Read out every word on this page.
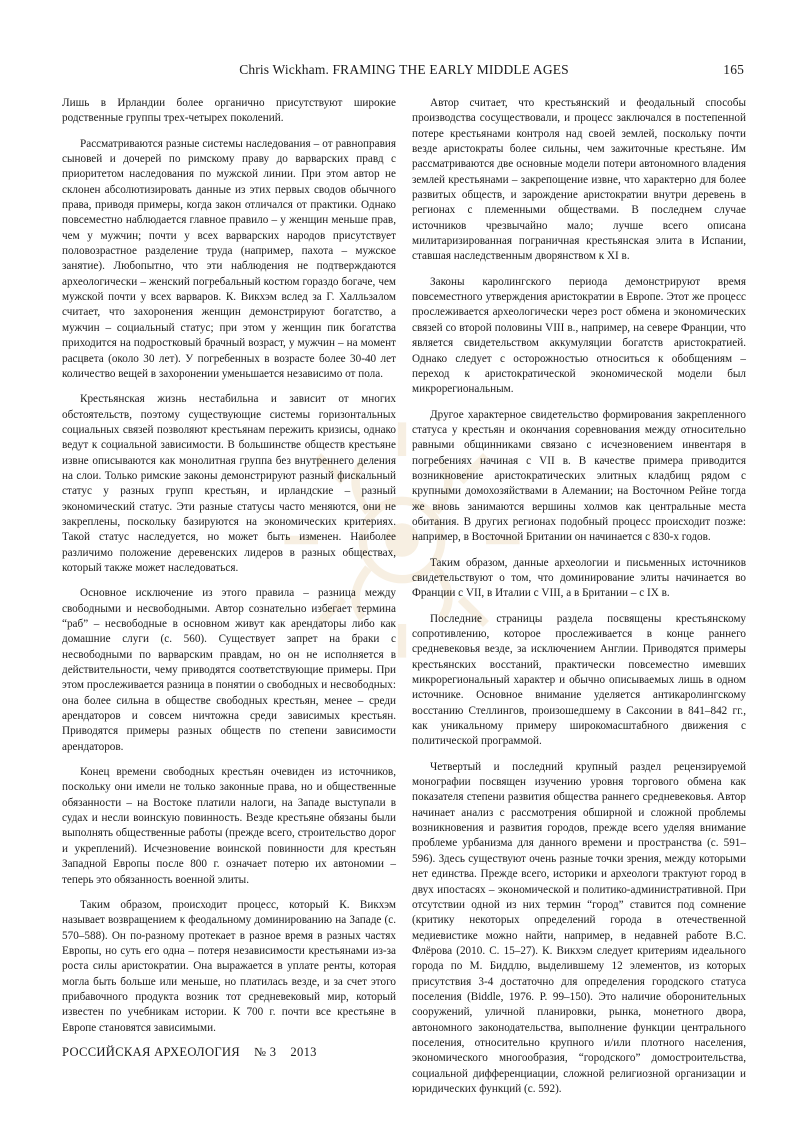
Chris Wickham. FRAMING THE EARLY MIDDLE AGES	165

Лишь в Ирландии более органично присутствуют широкие родственные группы трех-четырех поколений.

Рассматриваются разные системы наследования – от равноправия сыновей и дочерей по римскому праву до варварских правд с приоритетом наследования по мужской линии. При этом автор не склонен абсолютизировать данные из этих первых сводов обычного права, приводя примеры, когда закон отличался от практики. Однако повсеместно наблюдается главное правило – у женщин меньше прав, чем у мужчин; почти у всех варварских народов присутствует половозрастное разделение труда (например, пахота – мужское занятие). Любопытно, что эти наблюдения не подтверждаются археологически – женский погребальный костюм гораздо богаче, чем мужской почти у всех варваров. К. Викхэм вслед за Г. Халльзалом считает, что захоронения женщин демонстрируют богатство, а мужчин – социальный статус; при этом у женщин пик богатства приходится на подростковый брачный возраст, у мужчин – на момент расцвета (около 30 лет). У погребенных в возрасте более 30-40 лет количество вещей в захоронении уменьшается независимо от пола.

Крестьянская жизнь нестабильна и зависит от многих обстоятельств, поэтому существующие системы горизонтальных социальных связей позволяют крестьянам пережить кризисы, однако ведут к социальной зависимости. В большинстве обществ крестьяне извне описываются как монолитная группа без внутреннего деления на слои. Только римские законы демонстрируют разный фискальный статус у разных групп крестьян, и ирландские – разный экономический статус. Эти разные статусы часто меняются, они не закреплены, поскольку базируются на экономических критериях. Такой статус наследуется, но может быть изменен. Наиболее различимо положение деревенских лидеров в разных обществах, который также может наследоваться.

Основное исключение из этого правила – разница между свободными и несвободными. Автор сознательно избегает термина “раб” – несвободные в основном живут как арендаторы либо как домашние слуги (с. 560). Существует запрет на браки с несвободными по варварским правдам, но он не исполняется в действительности, чему приводятся соответствующие примеры. При этом прослеживается разница в понятии о свободных и несвободных: она более сильна в обществе свободных крестьян, менее – среди арендаторов и совсем ничтожна среди зависимых крестьян. Приводятся примеры разных обществ по степени зависимости арендаторов.

Конец времени свободных крестьян очевиден из источников, поскольку они имели не только законные права, но и общественные обязанности – на Востоке платили налоги, на Западе выступали в судах и несли воинскую повинность. Везде крестьяне обязаны были выполнять общественные работы (прежде всего, строительство дорог и укреплений). Исчезновение воинской повинности для крестьян Западной Европы после 800 г. означает потерю их автономии – теперь это обязанность военной элиты.

Таким образом, происходит процесс, который К. Викхэм называет возвращением к феодальному доминированию на Западе (с. 570–588). Он по-разному протекает в разное время в разных частях Европы, но суть его одна – потеря независимости крестьянами из-за роста силы аристократии. Она выражается в уплате ренты, которая могла быть больше или меньше, но платилась везде, и за счет этого прибавочного продукта возник тот средневековый мир, который известен по учебникам истории. К 700 г. почти все крестьяне в Европе становятся зависимыми.

Автор считает, что крестьянский и феодальный способы производства сосуществовали, и процесс заключался в постепенной потере крестьянами контроля над своей землей, поскольку почти везде аристократы более сильны, чем зажиточные крестьяне. Им рассматриваются две основные модели потери автономного владения землей крестьянами – закрепощение извне, что характерно для более развитых обществ, и зарождение аристократии внутри деревень в регионах с племенными обществами. В последнем случае источников чрезвычайно мало; лучше всего описана милитаризированная пограничная крестьянская элита в Испании, ставшая наследственным дворянством к XI в.

Законы каролингского периода демонстрируют время повсеместного утверждения аристократии в Европе. Этот же процесс прослеживается археологически через рост обмена и экономических связей со второй половины VIII в., например, на севере Франции, что является свидетельством аккумуляции богатств аристократией. Однако следует с осторожностью относиться к обобщениям – переход к аристократической экономической модели был микрорегиональным.

Другое характерное свидетельство формирования закрепленного статуса у крестьян и окончания соревнования между относительно равными общинниками связано с исчезновением инвентаря в погребениях начиная с VII в. В качестве примера приводится возникновение аристократических элитных кладбищ рядом с крупными домохозяйствами в Алемании; на Восточном Рейне тогда же вновь занимаются вершины холмов как центральные места обитания. В других регионах подобный процесс происходит позже: например, в Восточной Британии он начинается с 830-х годов.

Таким образом, данные археологии и письменных источников свидетельствуют о том, что доминирование элиты начинается во Франции с VII, в Италии с VIII, а в Британии – с IX в.

Последние страницы раздела посвящены крестьянскому сопротивлению, которое прослеживается в конце раннего средневековья везде, за исключением Англии. Приводятся примеры крестьянских восстаний, практически повсеместно имевших микрорегиональный характер и обычно описываемых лишь в одном источнике. Основное внимание уделяется антикаролингскому восстанию Стеллингов, произошедшему в Саксонии в 841–842 гг., как уникальному примеру широкомасштабного движения с политической программой.

Четвертый и последний крупный раздел рецензируемой монографии посвящен изучению уровня торгового обмена как показателя степени развития общества раннего средневековья. Автор начинает анализ с рассмотрения обширной и сложной проблемы возникновения и развития городов, прежде всего уделяя внимание проблеме урбанизма для данного времени и пространства (с. 591–596). Здесь существуют очень разные точки зрения, между которыми нет единства. Прежде всего, историки и археологи трактуют город в двух ипостасях – экономической и политико-административной. При отсутствии одной из них термин “город” ставится под сомнение (критику некоторых определений города в отечественной медиевистике можно найти, например, в недавней работе В.С. Флёрова (2010. С. 15–27). К. Викхэм следует критериям идеального города по М. Биддлю, выделившему 12 элементов, из которых присутствия 3-4 достаточно для определения городского статуса поселения (Biddle, 1976. P. 99–150). Это наличие оборонительных сооружений, уличной планировки, рынка, монетного двора, автономного законодательства, выполнение функции центрального поселения, относительно крупного и/или плотного населения, экономического многообразия, “городского” домостроительства, социальной дифференциации, сложной религиозной организации и юридических функций (с. 592).

РОССИЙСКАЯ АРХЕОЛОГИЯ № 3 2013
